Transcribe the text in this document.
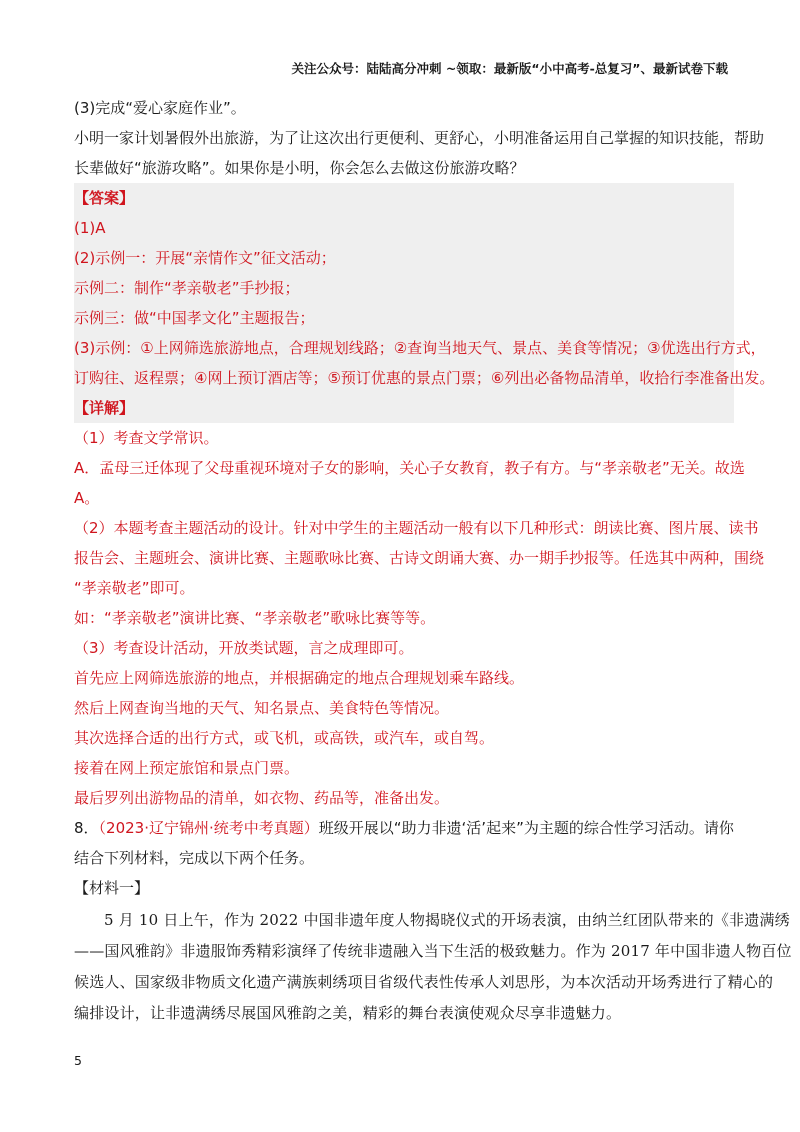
关注公众号：陆陆高分冲刺 ~领取：最新版“小中高考-总复习”、最新试卷下载
(3)完成“爱心家庭作业”。
小明一家计划暑假外出旅游，为了让这次出行更便利、更舒心，小明准备运用自己掌握的知识技能，帮助
长辈做好“旅游攻略”。如果你是小明，你会怎么去做这份旅游攻略？
【答案】
(1)A
(2)示例一：开展“亲情作文”征文活动；
示例二：制作“孝亲敬老”手抄报；
示例三：做“中国孝文化”主题报告；
(3)示例：①上网筛选旅游地点，合理规划线路；②查询当地天气、景点、美食等情况；③优选出行方式，
订购往、返程票；④网上预订酒店等；⑤预订优惠的景点门票；⑥列出必备物品清单，收拾行李准备出发。
【详解】
（1）考查文学常识。
A．孟母三迁体现了父母重视环境对子女的影响，关心子女教育，教子有方。与“孝亲敬老”无关。故选
A。
（2）本题考查主题活动的设计。针对中学生的主题活动一般有以下几种形式：朗读比赛、图片展、读书
报告会、主题班会、演讲比赛、主题歌咏比赛、古诗文朗诵大赛、办一期手抄报等。任选其中两种，围绕
“孝亲敬老”即可。
如：“孝亲敬老”演讲比赛、“孝亲敬老”歌咏比赛等等。
（3）考查设计活动，开放类试题，言之成理即可。
首先应上网筛选旅游的地点，并根据确定的地点合理规划乘车路线。
然后上网查询当地的天气、知名景点、美食特色等情况。
其次选择合适的出行方式，或飞机，或高铁，或汽车，或自驾。
接着在网上预定旅馆和景点门票。
最后罗列出游物品的清单，如衣物、药品等，准备出发。
8．（2023·辽宁锦州·统考中考真题）班级开展以“助力非遗‘活’起来”为主题的综合性学习活动。请你
结合下列材料，完成以下两个任务。
【材料一】
5 月 10 日上午，作为 2022 中国非遗年度人物揭晓仪式的开场表演，由纳兰红团队带来的《非遗满绣
——国风雅韵》非遗服饰秀精彩演绎了传统非遗融入当下生活的极致魅力。作为 2017 年中国非遗人物百位
候选人、国家级非物质文化遗产满族刺绣项目省级代表性传承人刘思彤，为本次活动开场秀进行了精心的
编排设计，让非遗满绣尽展国风雅韵之美，精彩的舞台表演使观众尽享非遗魅力。
5
